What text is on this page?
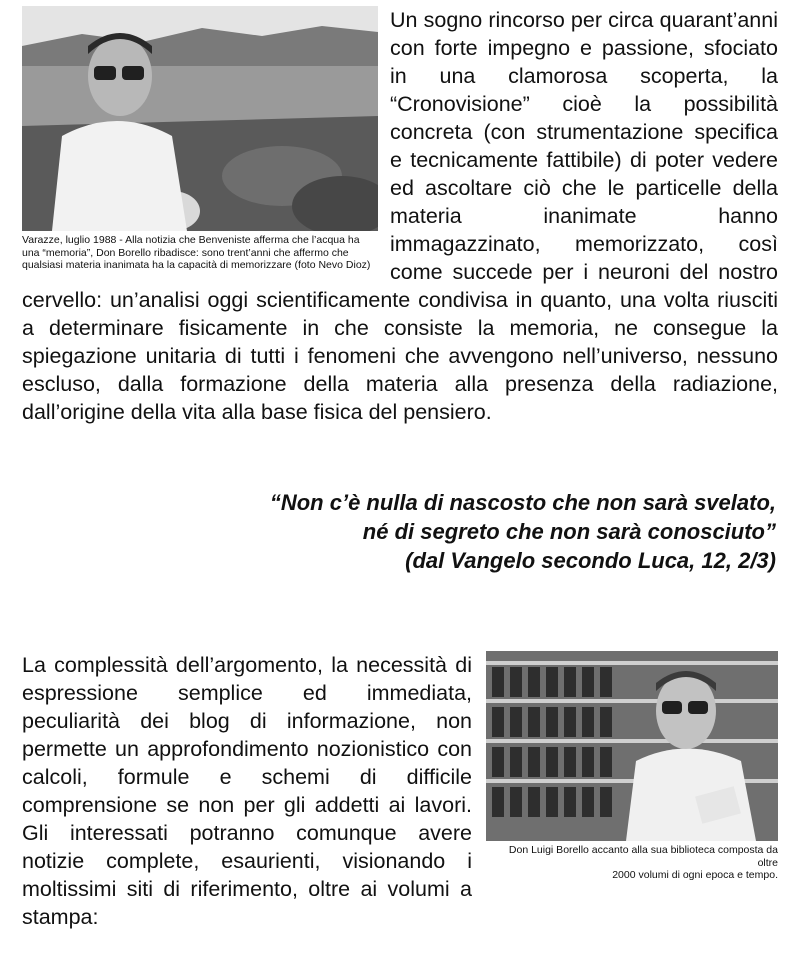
Varazze, luglio 1988 - Alla notizia che Benveniste afferma che l’acqua ha una “memoria”, Don Borello ribadisce: sono trent’anni che affermo che qualsiasi materia inanimata ha la capacità di memorizzare (foto Nevo Dioz)

Un sogno rincorso per circa quarant’anni con forte impegno e passione, sfociato in una clamorosa scoperta, la “Cronovisione” cioè la possibilità concreta (con strumentazione specifica e tecnicamente fattibile) di poter vedere ed ascoltare ciò che le particelle della materia inanimate hanno immagazzinato, memorizzato, così come succede per i neuroni del nostro cervello: un’analisi oggi scientificamente condivisa in quanto, una volta riusciti a determinare fisicamente in che consiste la memoria, ne consegue la spiegazione unitaria di tutti i fenomeni che avvengono nell’universo, nessuno escluso, dalla formazione della materia alla presenza della radiazione, dall’origine della vita alla base fisica del pensiero.

“Non c’è nulla di nascosto che non sarà svelato,
né di segreto che non sarà conosciuto”
(dal Vangelo secondo Luca, 12, 2/3)
Don Luigi Borello accanto alla sua biblioteca composta da oltre
2000 volumi di ogni epoca e tempo.

La complessità dell’argomento, la necessità di espressione semplice ed immediata, peculiarità dei blog di informazione, non permette un approfondimento nozionistico con calcoli, formule e schemi di difficile comprensione se non per gli addetti ai lavori. Gli interessati potranno comunque avere notizie complete, esaurienti, visionando i moltissimi siti di riferimento, oltre ai volumi a stampa:
